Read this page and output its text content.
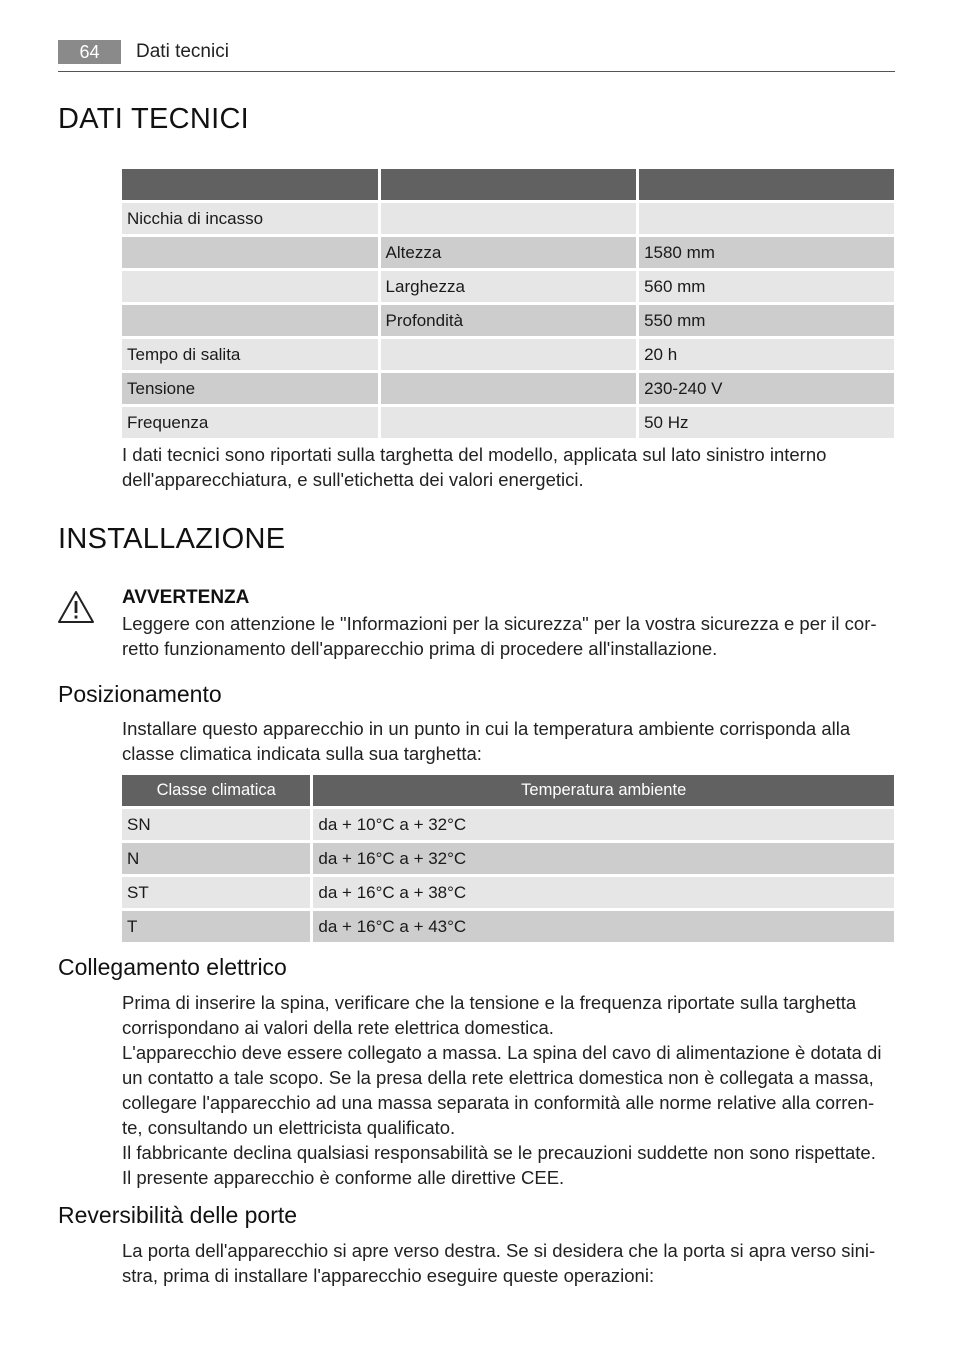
64	Dati tecnici
DATI TECNICI

Nicchia di incasso		
	Altezza	1580 mm
	Larghezza	560 mm
	Profondità	550 mm
Tempo di salita		20 h
Tensione		230-240 V
Frequenza		50 Hz

I dati tecnici sono riportati sulla targhetta del modello, applicata sul lato sinistro interno
dell'apparecchiatura, e sull'etichetta dei valori energetici.

INSTALLAZIONE

AVVERTENZA

Leggere con attenzione le "Informazioni per la sicurezza" per la vostra sicurezza e per il cor-
retto funzionamento dell'apparecchio prima di procedere all'installazione.

Posizionamento

Installare questo apparecchio in un punto in cui la temperatura ambiente corrisponda alla
classe climatica indicata sulla sua targhetta:

Classe climatica	Temperatura ambiente
SN	da + 10°C a + 32°C
N	da + 16°C a + 32°C
ST	da + 16°C a + 38°C
T	da + 16°C a + 43°C
Collegamento elettrico

Prima di inserire la spina, verificare che la tensione e la frequenza riportate sulla targhetta
corrispondano ai valori della rete elettrica domestica.
L'apparecchio deve essere collegato a massa. La spina del cavo di alimentazione è dotata di
un contatto a tale scopo. Se la presa della rete elettrica domestica non è collegata a massa,
collegare l'apparecchio ad una massa separata in conformità alle norme relative alla corren-
te, consultando un elettricista qualificato.
Il fabbricante declina qualsiasi responsabilità se le precauzioni suddette non sono rispettate.
Il presente apparecchio è conforme alle direttive CEE.

Reversibilità delle porte

La porta dell'apparecchio si apre verso destra. Se si desidera che la porta si apra verso sini-
stra, prima di installare l'apparecchio eseguire queste operazioni:
